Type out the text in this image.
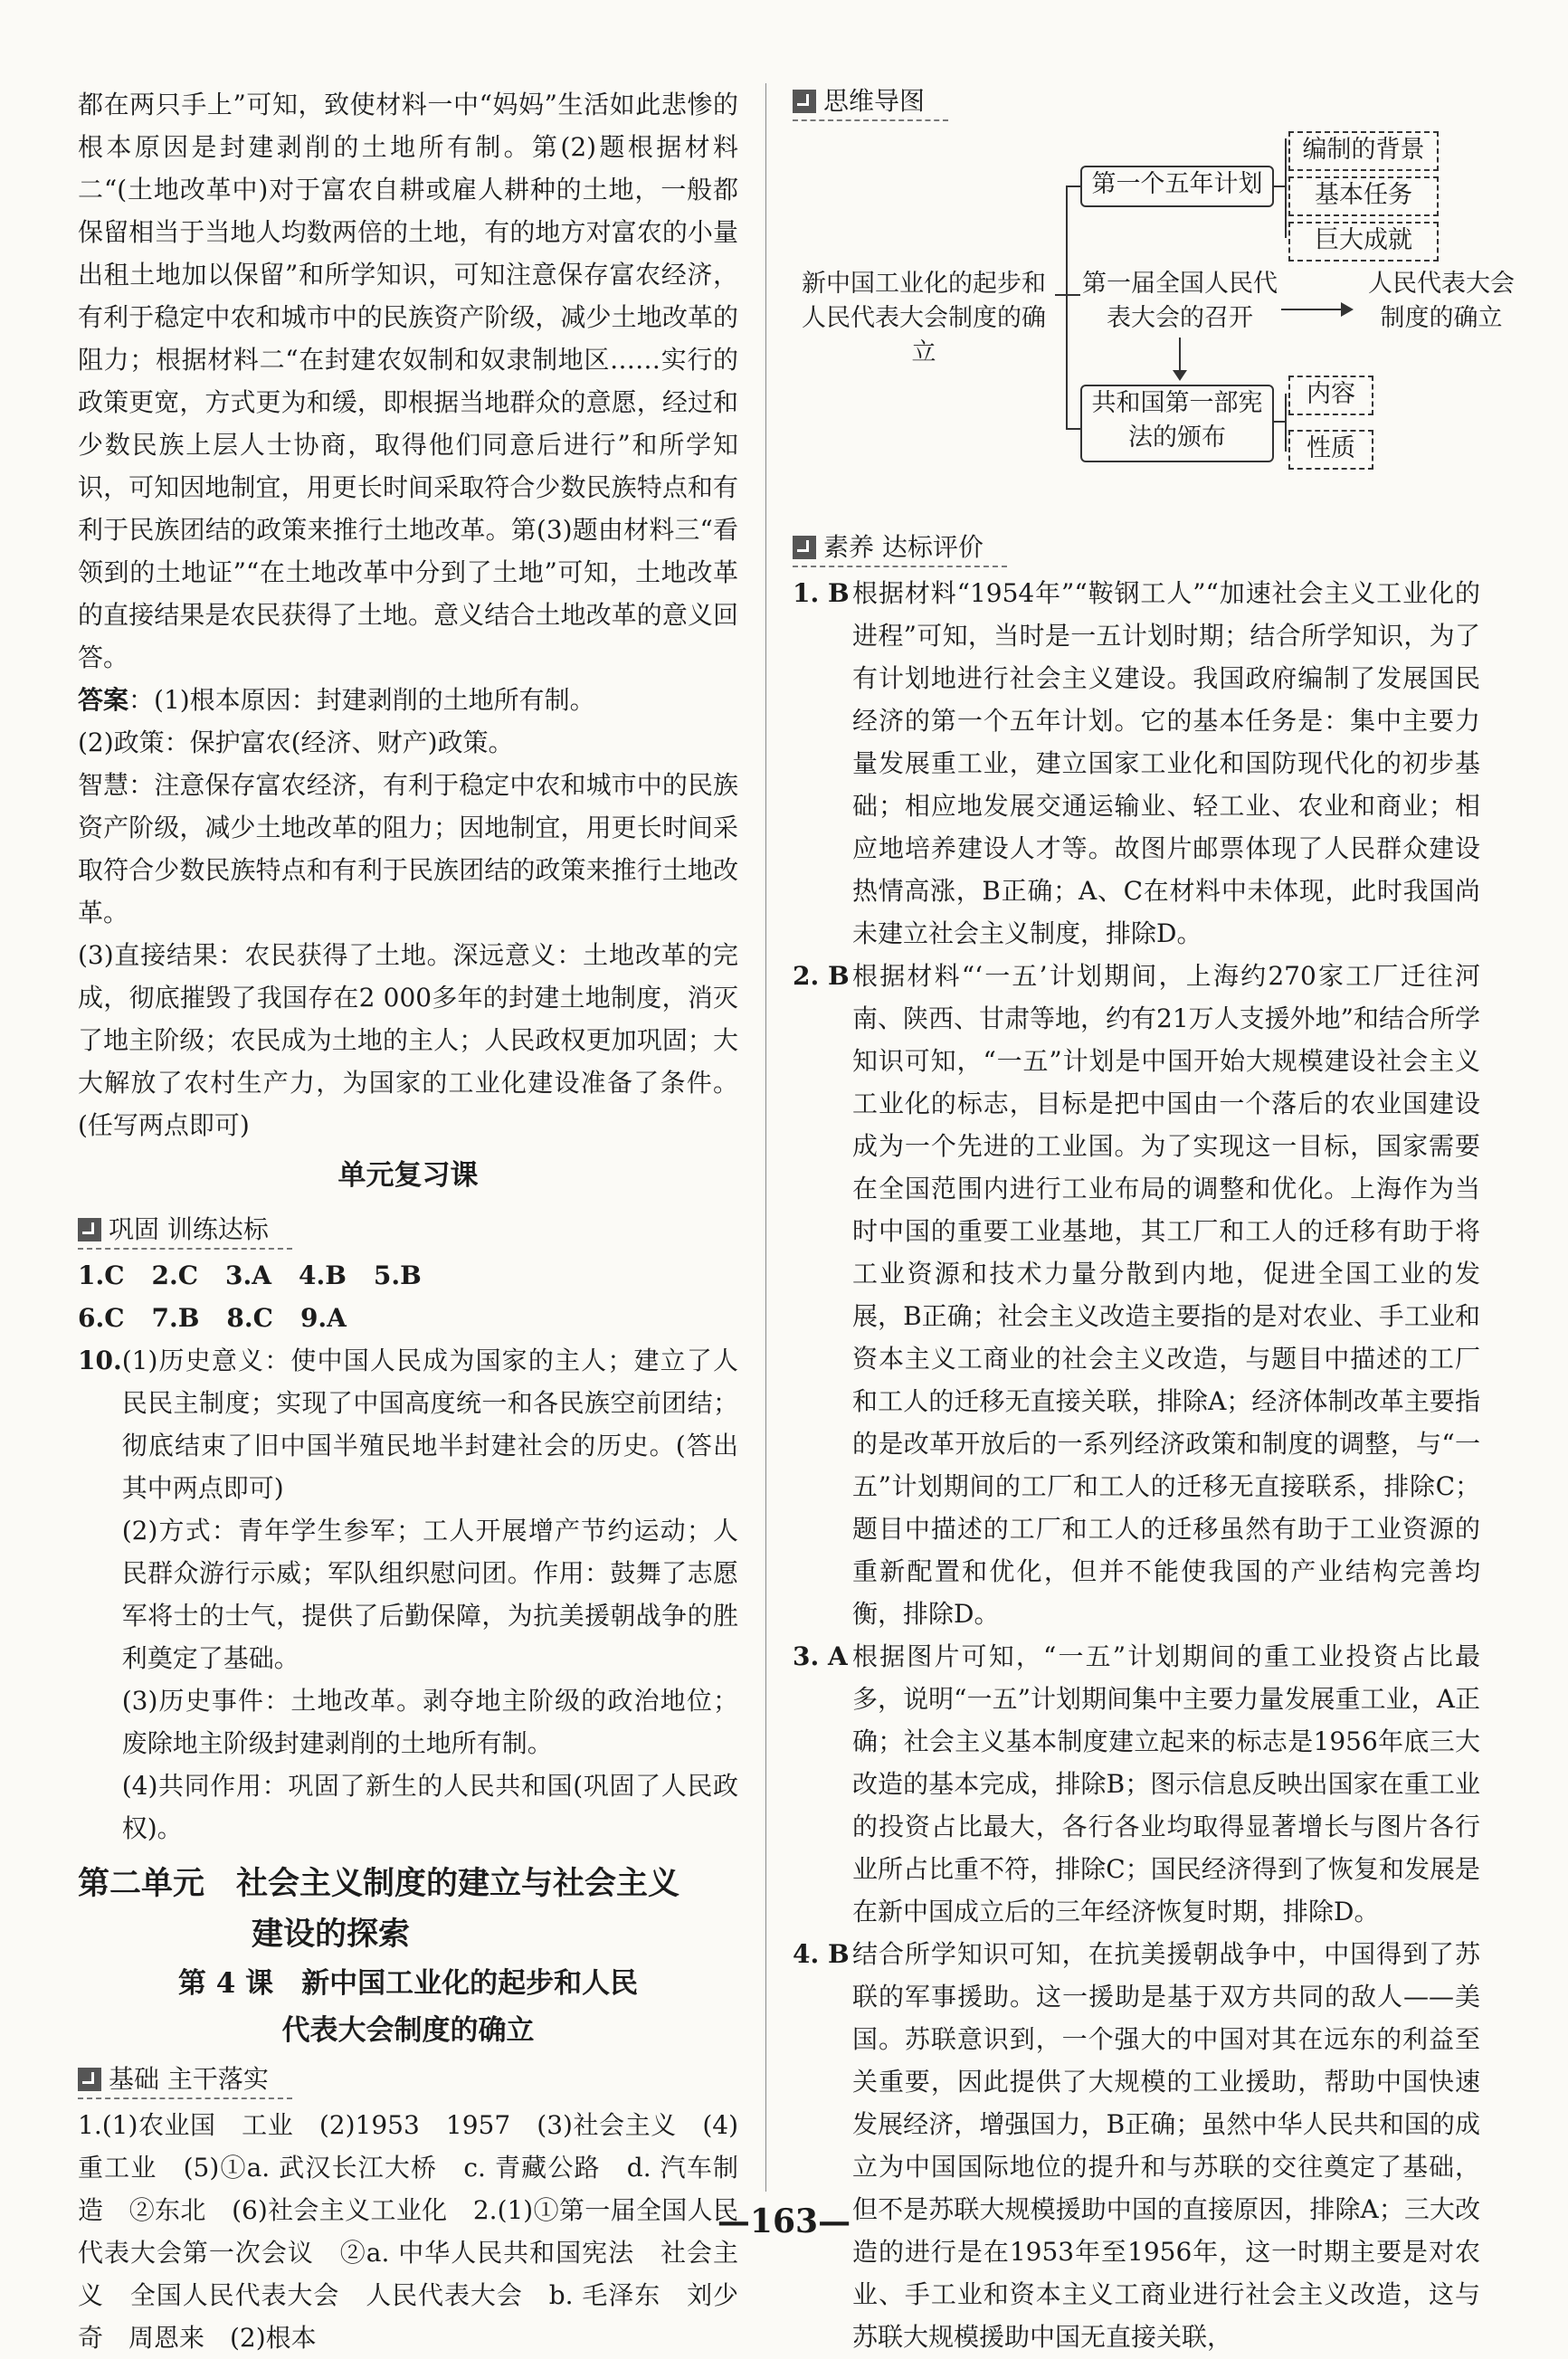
都在两只手上”可知，致使材料一中“妈妈”生活如此悲惨的根本原因是封建剥削的土地所有制。第(2)题根据材料二“(土地改革中)对于富农自耕或雇人耕种的土地，一般都保留相当于当地人均数两倍的土地，有的地方对富农的小量出租土地加以保留”和所学知识，可知注意保存富农经济，有利于稳定中农和城市中的民族资产阶级，减少土地改革的阻力；根据材料二“在封建农奴制和奴隶制地区……实行的政策更宽，方式更为和缓，即根据当地群众的意愿，经过和少数民族上层人士协商，取得他们同意后进行”和所学知识，可知因地制宜，用更长时间采取符合少数民族特点和有利于民族团结的政策来推行土地改革。第(3)题由材料三“看领到的土地证”“在土地改革中分到了土地”可知，土地改革的直接结果是农民获得了土地。意义结合土地改革的意义回答。

答案：(1)根本原因：封建剥削的土地所有制。

(2)政策：保护富农(经济、财产)政策。

智慧：注意保存富农经济，有利于稳定中农和城市中的民族资产阶级，减少土地改革的阻力；因地制宜，用更长时间采取符合少数民族特点和有利于民族团结的政策来推行土地改革。

(3)直接结果：农民获得了土地。深远意义：土地改革的完成，彻底摧毁了我国存在2 000多年的封建土地制度，消灭了地主阶级；农民成为土地的主人；人民政权更加巩固；大大解放了农村生产力，为国家的工业化建设准备了条件。(任写两点即可)

单元复习课
巩固 训练达标
1.C 2.C 3.A 4.B 5.B
6.C 7.B 8.C 9.A
10. (1)历史意义：使中国人民成为国家的主人；建立了人民民主制度；实现了中国高度统一和各民族空前团结；彻底结束了旧中国半殖民地半封建社会的历史。(答出其中两点即可)

(2)方式：青年学生参军；工人开展增产节约运动；人民群众游行示威；军队组织慰问团。作用：鼓舞了志愿军将士的士气，提供了后勤保障，为抗美援朝战争的胜利奠定了基础。

(3)历史事件：土地改革。剥夺地主阶级的政治地位；废除地主阶级封建剥削的土地所有制。

(4)共同作用：巩固了新生的人民共和国(巩固了人民政权)。

第二单元　社会主义制度的建立与社会主义
建设的探索
第 4 课　新中国工业化的起步和人民
代表大会制度的确立
基础 主干落实

1.(1)农业国　工业　(2)1953　1957　(3)社会主义　(4)重工业　(5)①a. 武汉长江大桥　c. 青藏公路　d. 汽车制造　②东北　(6)社会主义工业化　2.(1)①第一届全国人民代表大会第一次会议　②a. 中华人民共和国宪法　社会主义　全国人民代表大会　人民代表大会　b. 毛泽东　刘少奇　周恩来　(2)根本

思维导图
新中国工业化的起步和人民代表大会制度的确立
第一个五年计划
编制的背景
基本任务
巨大成就
第一届全国人民代表大会的召开
人民代表大会制度的确立
共和国第一部宪法的颁布
内容
性质
素养 达标评价
1. B 根据材料“1954年”“鞍钢工人”“加速社会主义工业化的进程”可知，当时是一五计划时期；结合所学知识，为了有计划地进行社会主义建设。我国政府编制了发展国民经济的第一个五年计划。它的基本任务是：集中主要力量发展重工业，建立国家工业化和国防现代化的初步基础；相应地发展交通运输业、轻工业、农业和商业；相应地培养建设人才等。故图片邮票体现了人民群众建设热情高涨，B正确；A、C在材料中未体现，此时我国尚未建立社会主义制度，排除D。

2. B 根据材料“‘一五’计划期间，上海约270家工厂迁往河南、陕西、甘肃等地，约有21万人支援外地”和结合所学知识可知，“一五”计划是中国开始大规模建设社会主义工业化的标志，目标是把中国由一个落后的农业国建设成为一个先进的工业国。为了实现这一目标，国家需要在全国范围内进行工业布局的调整和优化。上海作为当时中国的重要工业基地，其工厂和工人的迁移有助于将工业资源和技术力量分散到内地，促进全国工业的发展，B正确；社会主义改造主要指的是对农业、手工业和资本主义工商业的社会主义改造，与题目中描述的工厂和工人的迁移无直接关联，排除A；经济体制改革主要指的是改革开放后的一系列经济政策和制度的调整，与“一五”计划期间的工厂和工人的迁移无直接联系，排除C；题目中描述的工厂和工人的迁移虽然有助于工业资源的重新配置和优化，但并不能使我国的产业结构完善均衡，排除D。

3. A 根据图片可知，“一五”计划期间的重工业投资占比最多，说明“一五”计划期间集中主要力量发展重工业，A正确；社会主义基本制度建立起来的标志是1956年底三大改造的基本完成，排除B；图示信息反映出国家在重工业的投资占比最大，各行各业均取得显著增长与图片各行业所占比重不符，排除C；国民经济得到了恢复和发展是在新中国成立后的三年经济恢复时期，排除D。

4. B 结合所学知识可知，在抗美援朝战争中，中国得到了苏联的军事援助。这一援助是基于双方共同的敌人——美国。苏联意识到，一个强大的中国对其在远东的利益至关重要，因此提供了大规模的工业援助，帮助中国快速发展经济，增强国力，B正确；虽然中华人民共和国的成立为中国国际地位的提升和与苏联的交往奠定了基础，但不是苏联大规模援助中国的直接原因，排除A；三大改造的进行是在1953年至1956年，这一时期主要是对农业、手工业和资本主义工商业进行社会主义改造，这与苏联大规模援助中国无直接关联，

—163—
